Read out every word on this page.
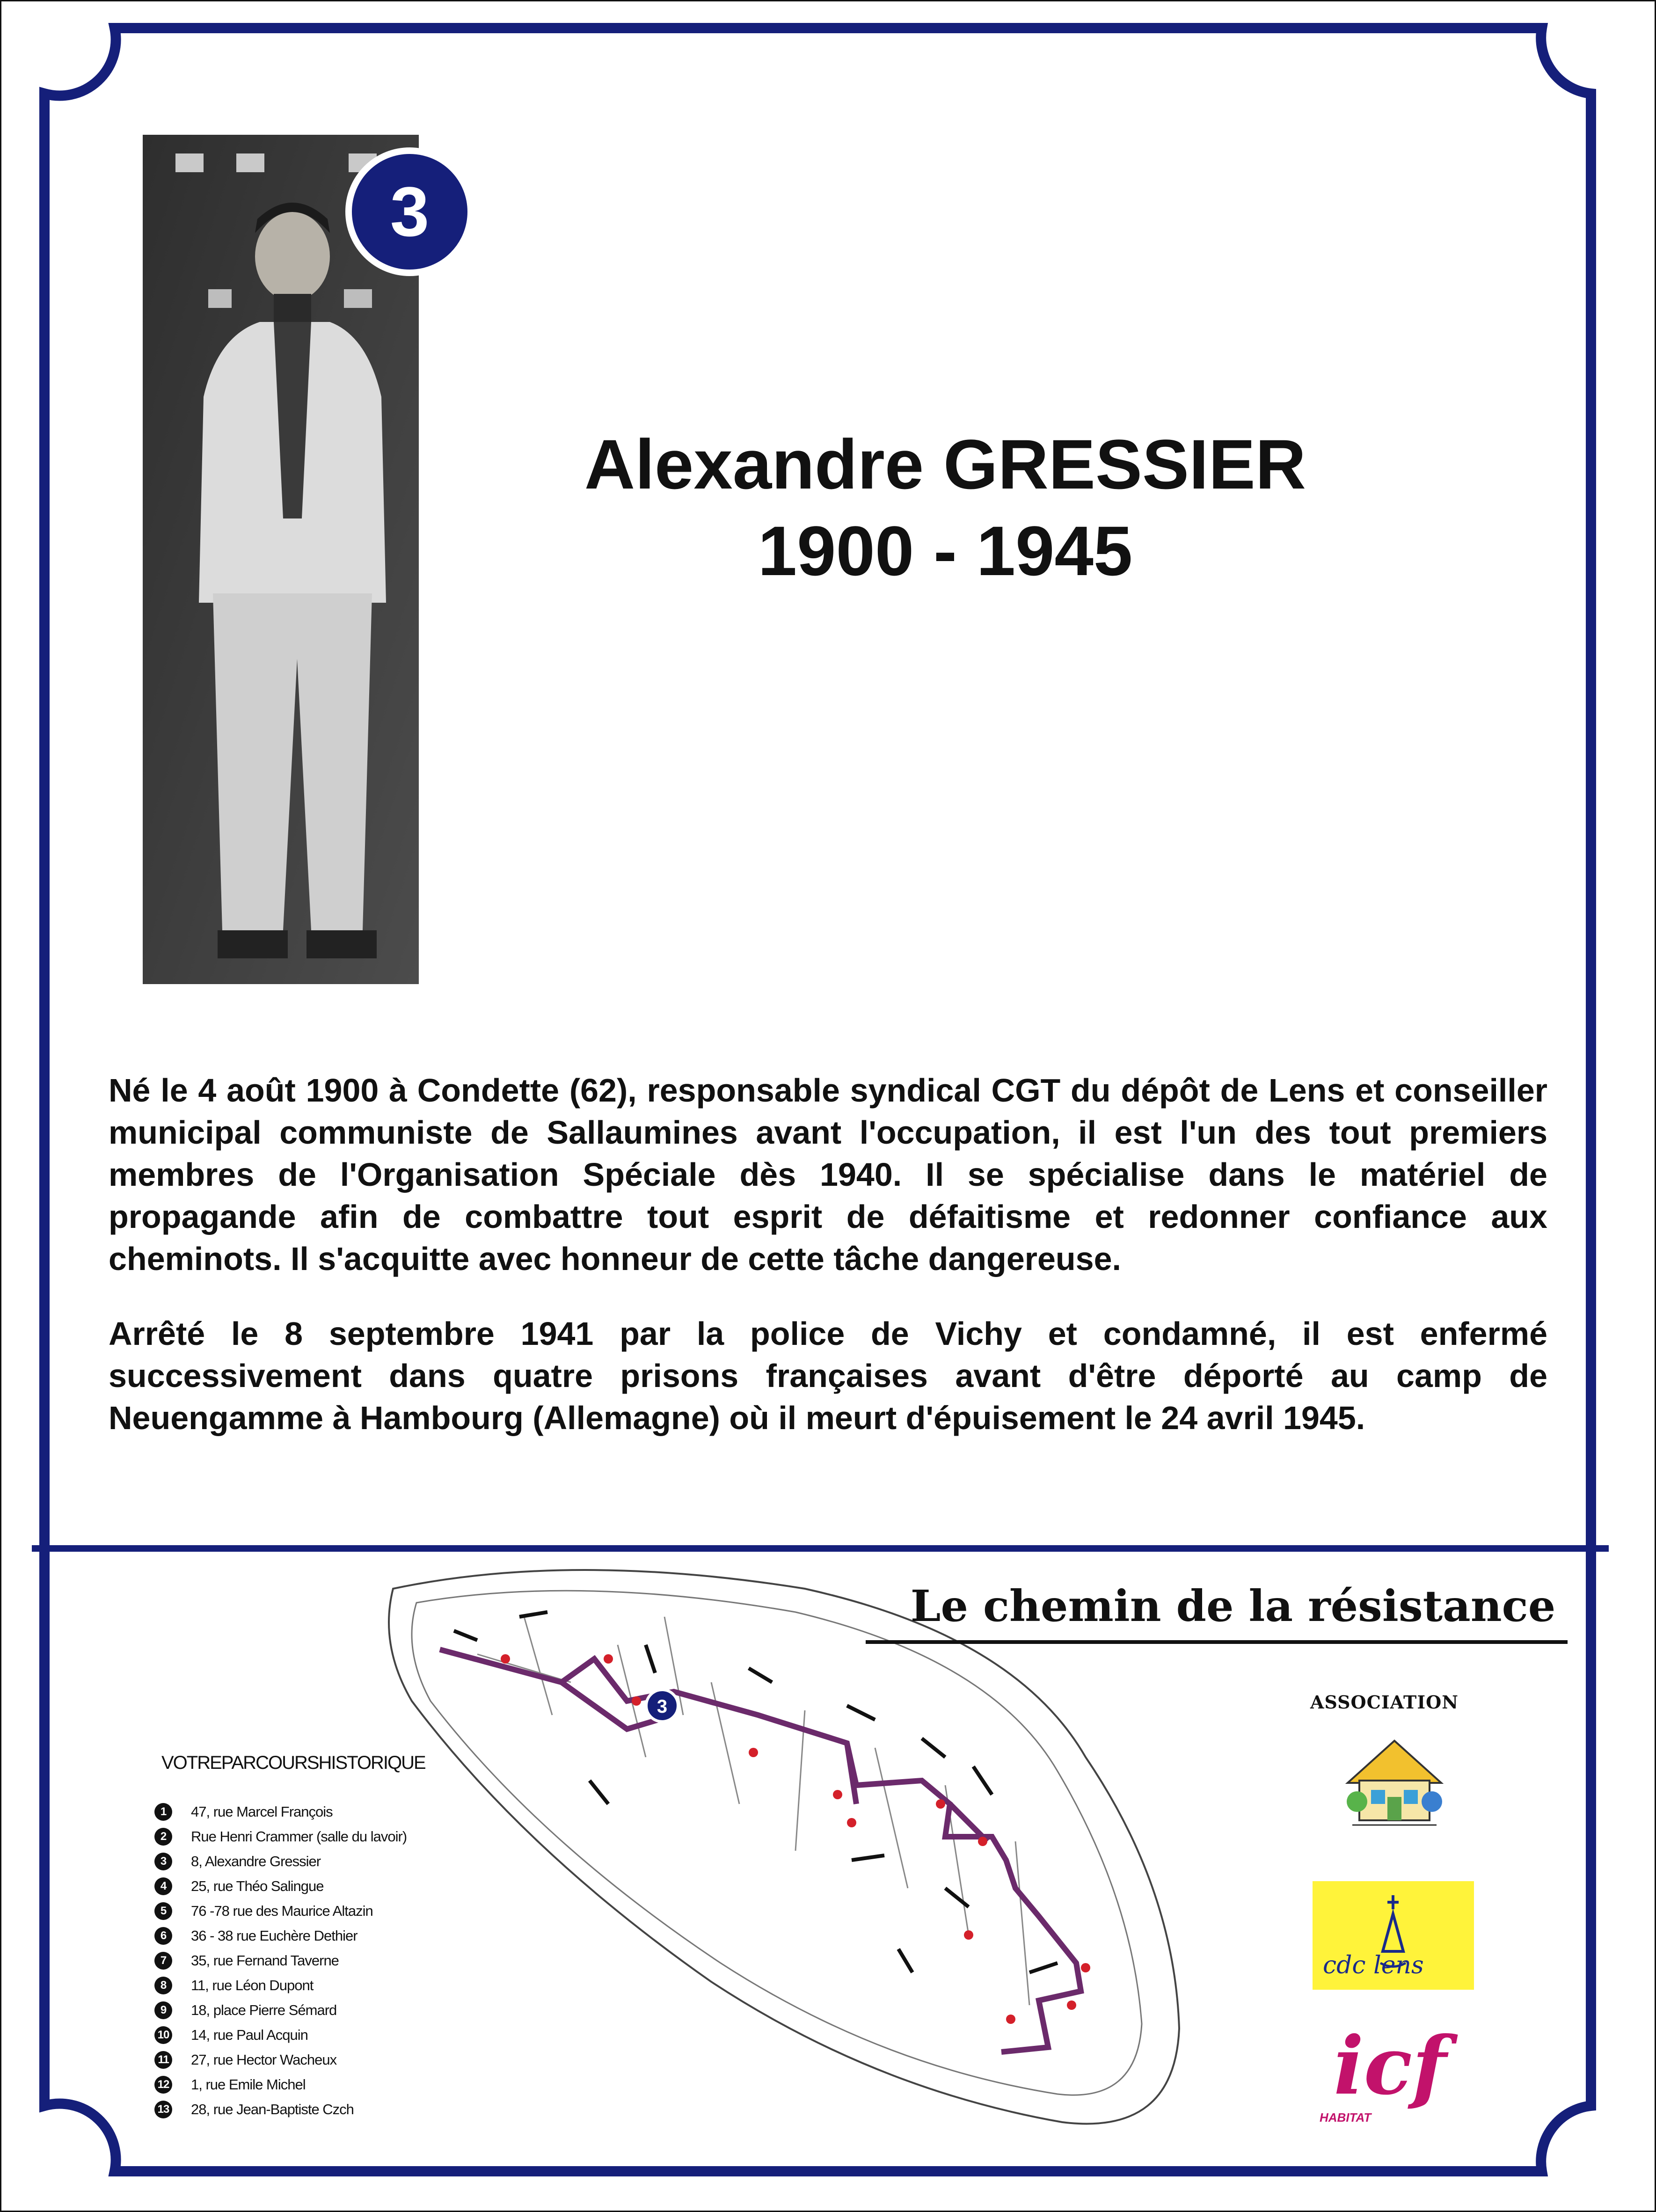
3
Alexandre GRESSIER
1900 - 1945

Né le 4 août 1900 à Condette (62), responsable syndical CGT du dépôt de Lens et conseiller municipal communiste de Sallaumines avant l'occupation, il est l'un des tout premiers membres de l'Organisation Spéciale dès 1940. Il se spécialise dans le matériel de propagande afin de combattre tout esprit de défaitisme et redonner confiance aux cheminots. Il s'acquitte avec honneur de cette tâche dangereuse.

Arrêté le 8 septembre 1941 par la police de Vichy et condamné, il est enfermé successivement dans quatre prisons françaises avant d'être déporté au camp de Neuengamme à Hambourg (Allemagne) où il meurt d'épuisement le 24 avril 1945.

3
Le chemin de la résistance
VOTREPARCOURSHISTORIQUE
1	47, rue Marcel François
2	Rue Henri Crammer (salle du lavoir)
3	8, Alexandre Gressier
4	25, rue Théo Salingue
5	76 -78 rue des Maurice Altazin
6	36 - 38 rue Euchère Dethier
7	35, rue Fernand Taverne
8	11, rue Léon Dupont
9	18, place Pierre Sémard
10 14, rue Paul Acquin
11 27, rue Hector Wacheux
12 1, rue Emile Michel
13 28, rue Jean-Baptiste Czch
ASSOCIATION
cdc lens
icf
HABITAT
